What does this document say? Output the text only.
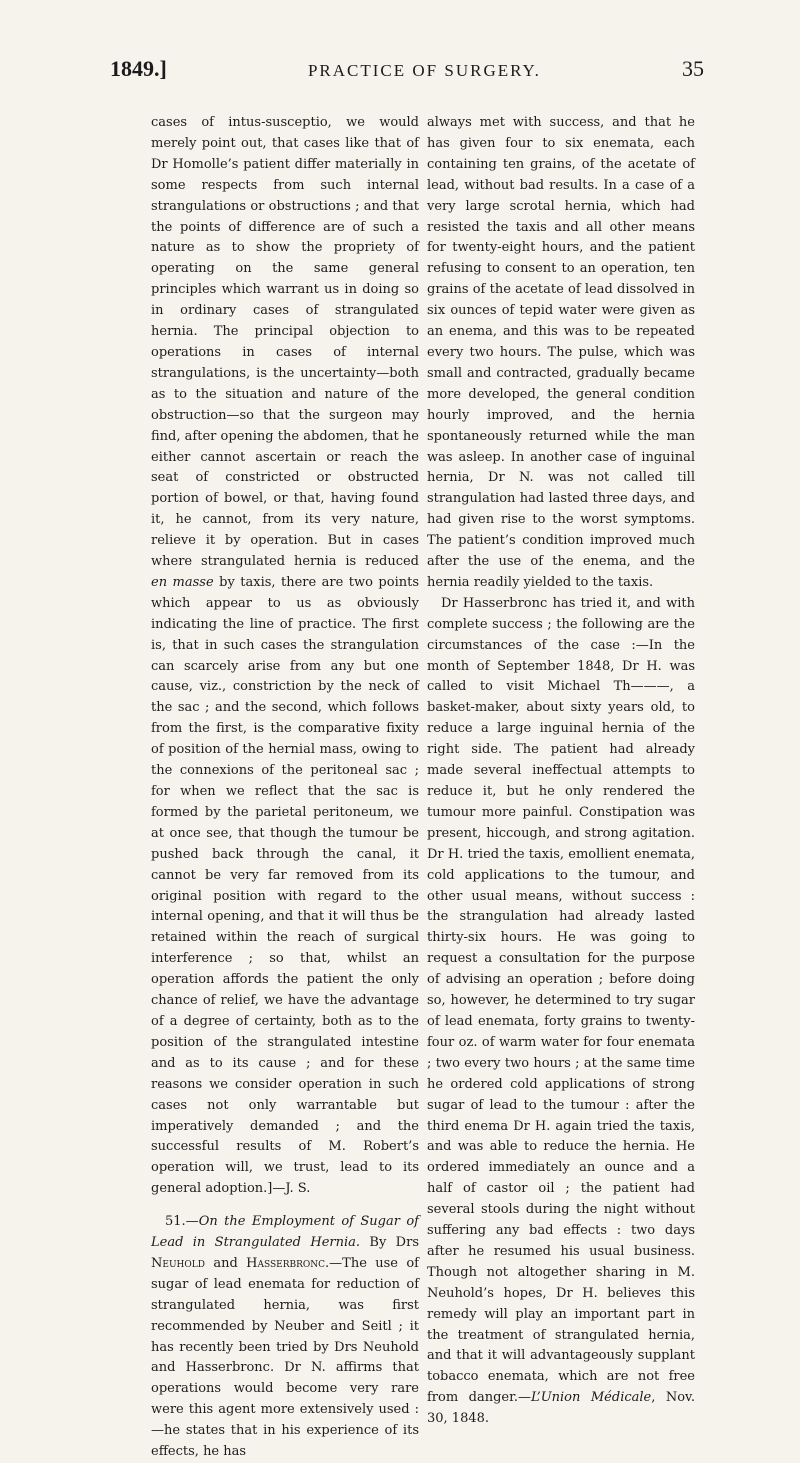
1849.]	PRACTICE OF SURGERY.	35

cases of intus-susceptio, we would merely point out, that cases like that of Dr Homolle’s patient differ materially in some respects from such internal strangulations or obstructions ; and that the points of difference are of such a nature as to show the propriety of operating on the same general principles which warrant us in doing so in ordinary cases of strangulated hernia. The principal objection to operations in cases of internal strangulations, is the uncertainty—both as to the situation and nature of the obstruction—so that the surgeon may find, after opening the abdomen, that he either cannot ascertain or reach the seat of constricted or obstructed portion of bowel, or that, having found it, he cannot, from its very nature, relieve it by operation. But in cases where strangulated hernia is reduced en masse by taxis, there are two points which appear to us as obviously indicating the line of practice. The first is, that in such cases the strangulation can scarcely arise from any but one cause, viz., constriction by the neck of the sac ; and the second, which follows from the first, is the comparative fixity of position of the hernial mass, owing to the connexions of the peritoneal sac ; for when we reflect that the sac is formed by the parietal peritoneum, we at once see, that though the tumour be pushed back through the canal, it cannot be very far removed from its original position with regard to the internal opening, and that it will thus be retained within the reach of surgical interference ; so that, whilst an operation affords the patient the only chance of relief, we have the advantage of a degree of certainty, both as to the position of the strangulated intestine and as to its cause ; and for these reasons we consider operation in such cases not only warrantable but imperatively demanded ; and the successful results of M. Robert’s operation will, we trust, lead to its general adoption.]—J. S.

51.—On the Employment of Sugar of Lead in Strangulated Hernia. By Drs Neuhold and Hasserbronc.—The use of sugar of lead enemata for reduction of strangulated hernia, was first recommended by Neuber and Seitl ; it has recently been tried by Drs Neuhold and Hasserbronc. Dr N. affirms that operations would become very rare were this agent more extensively used :—he states that in his experience of its effects, he has

always met with success, and that he has given four to six enemata, each containing ten grains, of the acetate of lead, without bad results. In a case of a very large scrotal hernia, which had resisted the taxis and all other means for twenty-eight hours, and the patient refusing to consent to an operation, ten grains of the acetate of lead dissolved in six ounces of tepid water were given as an enema, and this was to be repeated every two hours. The pulse, which was small and contracted, gradually became more developed, the general condition hourly improved, and the hernia spontaneously returned while the man was asleep. In another case of inguinal hernia, Dr N. was not called till strangulation had lasted three days, and had given rise to the worst symptoms. The patient’s condition improved much after the use of the enema, and the hernia readily yielded to the taxis.

Dr Hasserbronc has tried it, and with complete success ; the following are the circumstances of the case :—In the month of September 1848, Dr H. was called to visit Michael Th———, a basket-maker, about sixty years old, to reduce a large inguinal hernia of the right side. The patient had already made several ineffectual attempts to reduce it, but he only rendered the tumour more painful. Constipation was present, hiccough, and strong agitation. Dr H. tried the taxis, emollient enemata, cold applications to the tumour, and other usual means, without success : the strangulation had already lasted thirty-six hours. He was going to request a consultation for the purpose of advising an operation ; before doing so, however, he determined to try sugar of lead enemata, forty grains to twenty-four oz. of warm water for four enemata ; two every two hours ; at the same time he ordered cold applications of strong sugar of lead to the tumour : after the third enema Dr H. again tried the taxis, and was able to reduce the hernia. He ordered immediately an ounce and a half of castor oil ; the patient had several stools during the night without suffering any bad effects : two days after he resumed his usual business. Though not altogether sharing in M. Neuhold’s hopes, Dr H. believes this remedy will play an important part in the treatment of strangulated hernia, and that it will advantageously supplant tobacco enemata, which are not free from danger.—L’Union Médicale, Nov. 30, 1848.
